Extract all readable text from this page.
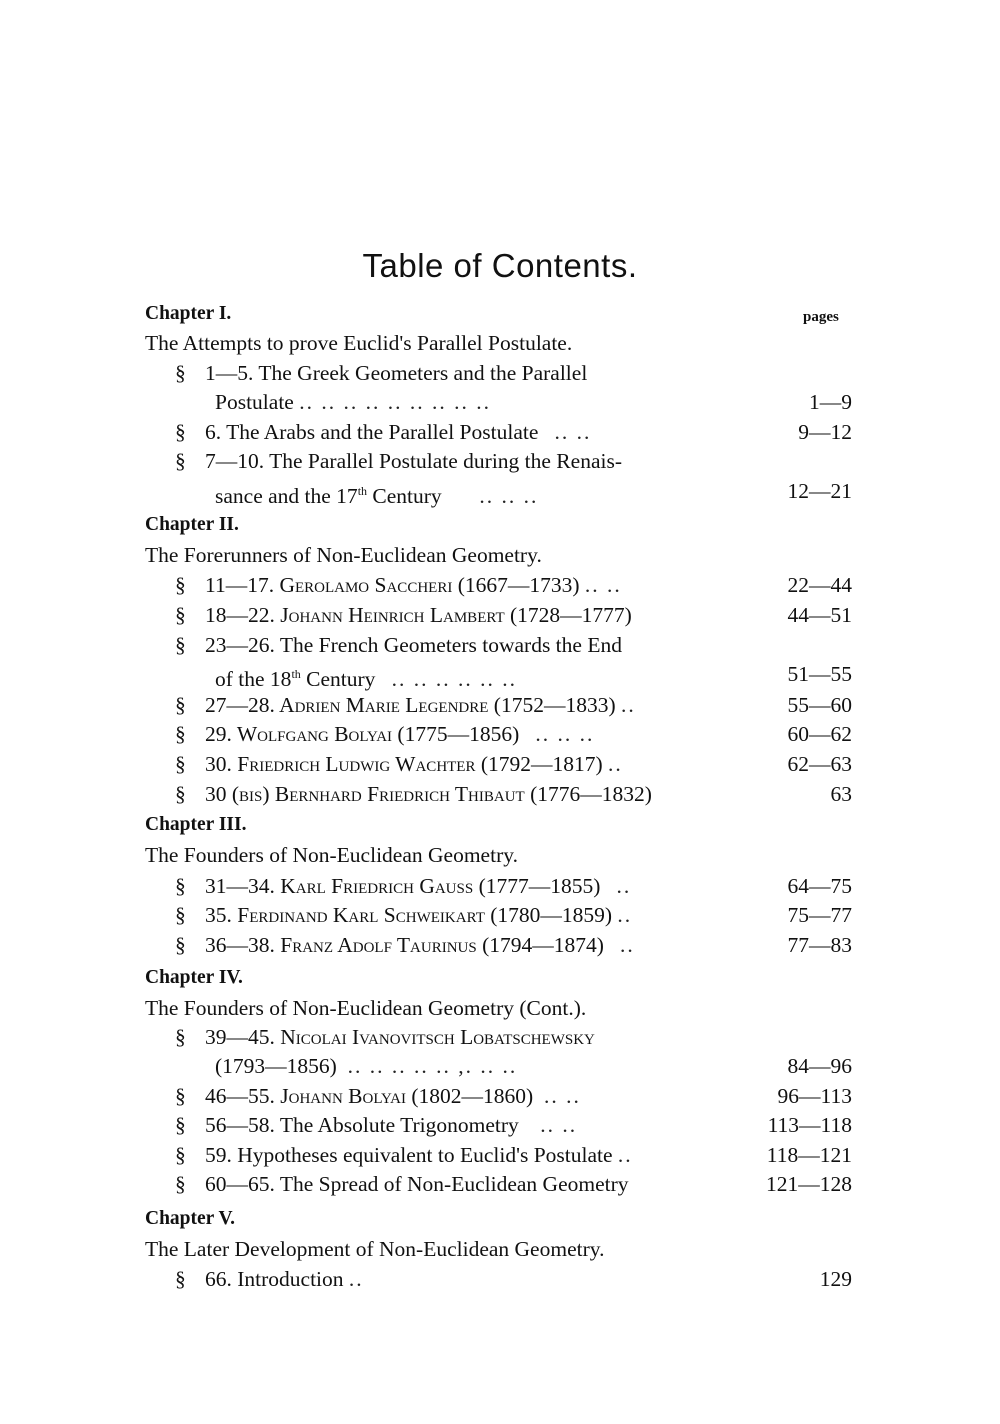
Table of Contents.
pages
Chapter I.
The Attempts to prove Euclid's Parallel Postulate.
§ 1—5. The Greek Geometers and the Parallel
Postulate .. .. .. .. .. .. .. .. ..	1—9
§ 6. The Arabs and the Parallel Postulate .. ..	9—12
§ 7—10. The Parallel Postulate during the Renais-
sance and the 17th Century .. .. ..	12—21
Chapter II.
The Forerunners of Non-Euclidean Geometry.
§ 11—17. Gerolamo Saccheri (1667—1733) .. ..	22—44
§ 18—22. Johann Heinrich Lambert (1728—1777)	44—51
§ 23—26. The French Geometers towards the End
of the 18th Century .. .. .. .. .. ..	51—55
§ 27—28. Adrien Marie Legendre (1752—1833) ..	55—60
§ 29. Wolfgang Bolyai (1775—1856) .. .. ..	60—62
§ 30. Friedrich Ludwig Wachter (1792—1817) ..	62—63
§ 30 (bis) Bernhard Friedrich Thibaut (1776—1832)	63
Chapter III.
The Founders of Non-Euclidean Geometry.
§ 31—34. Karl Friedrich Gauss (1777—1855) ..	64—75
§ 35. Ferdinand Karl Schweikart (1780—1859) ..	75—77
§ 36—38. Franz Adolf Taurinus (1794—1874) ..	77—83
Chapter IV.
The Founders of Non-Euclidean Geometry (Cont.).
§ 39—45. Nicolai Ivanovitsch Lobatschewsky
(1793—1856) .. .. .. .. .. ,. .. ..	84—96
§ 46—55. Johann Bolyai (1802—1860) .. ..	96—113
§ 56—58. The Absolute Trigonometry .. ..	113—118
§ 59. Hypotheses equivalent to Euclid's Postulate ..	118—121
§ 60—65. The Spread of Non-Euclidean Geometry	121—128
Chapter V.
The Later Development of Non-Euclidean Geometry.
§ 66. Introduction ..	129
